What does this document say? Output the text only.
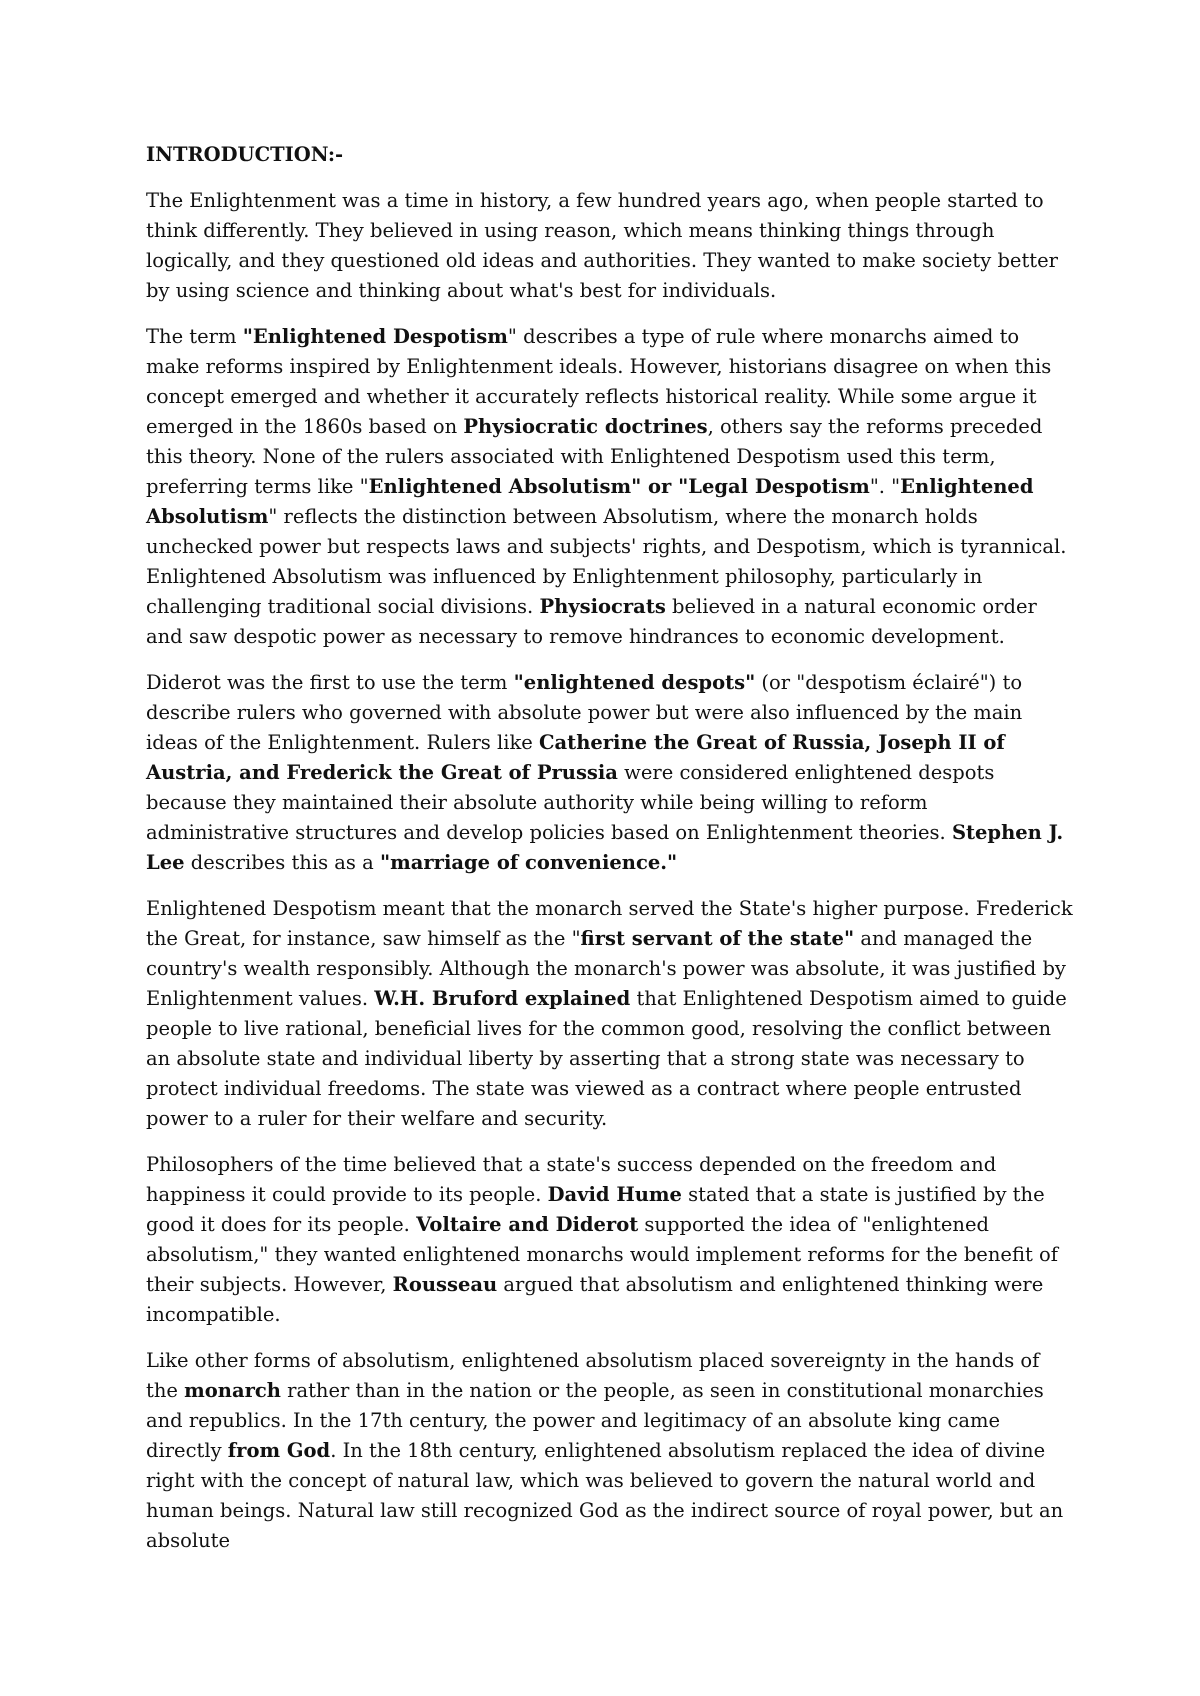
INTRODUCTION:-

The Enlightenment was a time in history, a few hundred years ago, when people started to think differently. They believed in using reason, which means thinking things through logically, and they questioned old ideas and authorities. They wanted to make society better by using science and thinking about what's best for individuals.

The term "Enlightened Despotism" describes a type of rule where monarchs aimed to make reforms inspired by Enlightenment ideals. However, historians disagree on when this concept emerged and whether it accurately reflects historical reality. While some argue it emerged in the 1860s based on Physiocratic doctrines, others say the reforms preceded this theory. None of the rulers associated with Enlightened Despotism used this term, preferring terms like "Enlightened Absolutism" or "Legal Despotism". "Enlightened Absolutism" reflects the distinction between Absolutism, where the monarch holds unchecked power but respects laws and subjects' rights, and Despotism, which is tyrannical. Enlightened Absolutism was influenced by Enlightenment philosophy, particularly in challenging traditional social divisions. Physiocrats believed in a natural economic order and saw despotic power as necessary to remove hindrances to economic development.

Diderot was the first to use the term "enlightened despots" (or "despotism éclairé") to describe rulers who governed with absolute power but were also influenced by the main ideas of the Enlightenment. Rulers like Catherine the Great of Russia, Joseph II of Austria, and Frederick the Great of Prussia were considered enlightened despots because they maintained their absolute authority while being willing to reform administrative structures and develop policies based on Enlightenment theories. Stephen J. Lee describes this as a "marriage of convenience."

Enlightened Despotism meant that the monarch served the State's higher purpose. Frederick the Great, for instance, saw himself as the "first servant of the state" and managed the country's wealth responsibly. Although the monarch's power was absolute, it was justified by Enlightenment values. W.H. Bruford explained that Enlightened Despotism aimed to guide people to live rational, beneficial lives for the common good, resolving the conflict between an absolute state and individual liberty by asserting that a strong state was necessary to protect individual freedoms. The state was viewed as a contract where people entrusted power to a ruler for their welfare and security.

Philosophers of the time believed that a state's success depended on the freedom and happiness it could provide to its people. David Hume stated that a state is justified by the good it does for its people. Voltaire and Diderot supported the idea of "enlightened absolutism," they wanted enlightened monarchs would implement reforms for the benefit of their subjects. However, Rousseau argued that absolutism and enlightened thinking were incompatible.

Like other forms of absolutism, enlightened absolutism placed sovereignty in the hands of the monarch rather than in the nation or the people, as seen in constitutional monarchies and republics. In the 17th century, the power and legitimacy of an absolute king came directly from God. In the 18th century, enlightened absolutism replaced the idea of divine right with the concept of natural law, which was believed to govern the natural world and human beings. Natural law still recognized God as the indirect source of royal power, but an absolute
